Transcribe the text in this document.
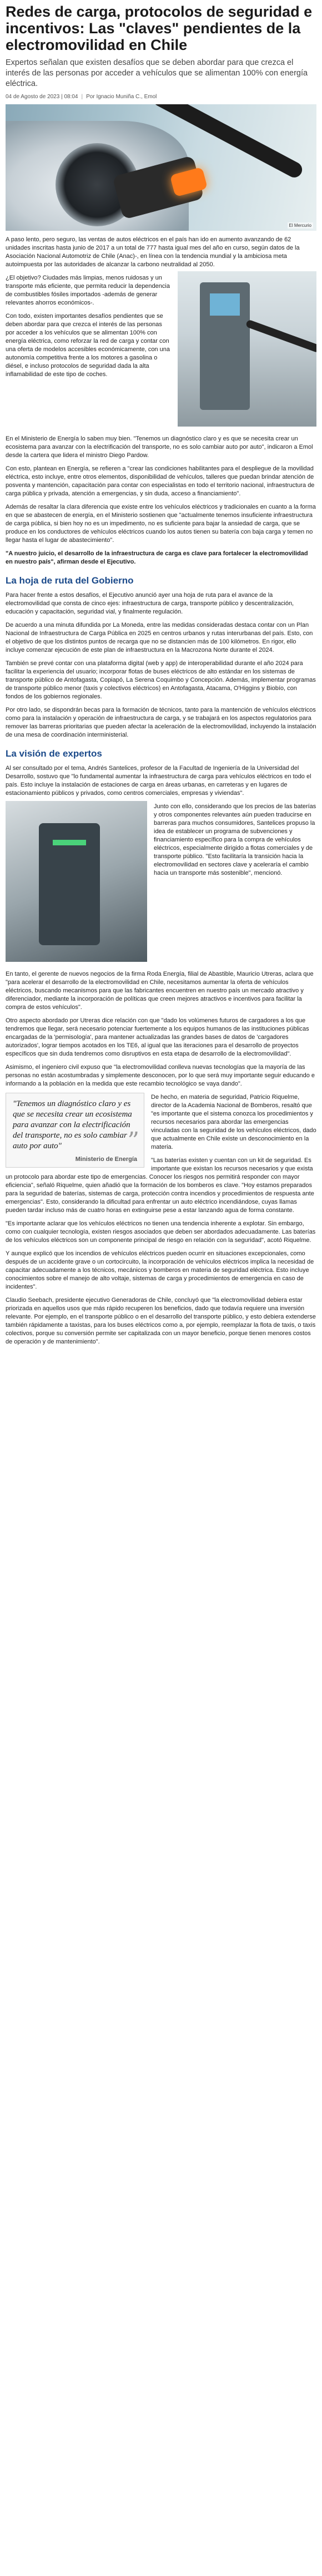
Redes de carga, protocolos de seguridad e incentivos: Las "claves" pendientes de la electromovilidad en Chile

Expertos señalan que existen desafíos que se deben abordar para que crezca el interés de las personas por acceder a vehículos que se alimentan 100% con energía eléctrica.

04 de Agosto de 2023 | 08:04 | Por Ignacio Muniña C., Emol
El Mercurio

A paso lento, pero seguro, las ventas de autos eléctricos en el país han ido en aumento avanzando de 62 unidades inscritas hasta junio de 2017 a un total de 777 hasta igual mes del año en curso, según datos de la Asociación Nacional Automotriz de Chile (Anac)-, en línea con la tendencia mundial y la ambiciosa meta autoimpuesta por las autoridades de alcanzar la carbono neutralidad al 2050.

¿El objetivo? Ciudades más limpias, menos ruidosas y un transporte más eficiente, que permita reducir la dependencia de combustibles fósiles importados -además de generar relevantes ahorros económicos-.

Con todo, existen importantes desafíos pendientes que se deben abordar para que crezca el interés de las personas por acceder a los vehículos que se alimentan 100% con energía eléctrica, como reforzar la red de carga y contar con una oferta de modelos accesibles económicamente, con una autonomía competitiva frente a los motores a gasolina o diésel, e incluso protocolos de seguridad dada la alta inflamabilidad de este tipo de coches.

En el Ministerio de Energía lo saben muy bien. "Tenemos un diagnóstico claro y es que se necesita crear un ecosistema para avanzar con la electrificación del transporte, no es solo cambiar auto por auto", indicaron a Emol desde la cartera que lidera el ministro Diego Pardow.

Con esto, plantean en Energía, se refieren a "crear las condiciones habilitantes para el despliegue de la movilidad eléctrica, esto incluye, entre otros elementos, disponibilidad de vehículos, talleres que puedan brindar atención de posventa y mantención, capacitación para contar con especialistas en todo el territorio nacional, infraestructura de carga pública y privada, atención a emergencias, y sin duda, acceso a financiamiento".

Además de resaltar la clara diferencia que existe entre los vehículos eléctricos y tradicionales en cuanto a la forma en que se abastecen de energía, en el Ministerio sostienen que "actualmente tenemos insuficiente infraestructura de carga pública, si bien hoy no es un impedimento, no es suficiente para bajar la ansiedad de carga, que se produce en los conductores de vehículos eléctricos cuando los autos tienen su batería con baja carga y temen no llegar hasta el lugar de abastecimiento".

"A nuestro juicio, el desarrollo de la infraestructura de carga es clave para fortalecer la electromovilidad en nuestro país", afirman desde el Ejecutivo.

La hoja de ruta del Gobierno

Para hacer frente a estos desafíos, el Ejecutivo anunció ayer una hoja de ruta para el avance de la electromovilidad que consta de cinco ejes: infraestructura de carga, transporte público y descentralización, educación y capacitación, seguridad vial, y finalmente regulación.

De acuerdo a una minuta difundida por La Moneda, entre las medidas consideradas destaca contar con un Plan Nacional de Infraestructura de Carga Pública en 2025 en centros urbanos y rutas interurbanas del país. Esto, con el objetivo de que los distintos puntos de recarga que no se distancien más de 100 kilómetros. En rigor, ello incluye comenzar ejecución de este plan de infraestructura en la Macrozona Norte durante el 2024.

También se prevé contar con una plataforma digital (web y app) de interoperabilidad durante el año 2024 para facilitar la experiencia del usuario; incorporar flotas de buses eléctricos de alto estándar en los sistemas de transporte público de Antofagasta, Copiapó, La Serena Coquimbo y Concepción. Además, implementar programas de transporte público menor (taxis y colectivos eléctricos) en Antofagasta, Atacama, O'Higgins y Biobío, con fondos de los gobiernos regionales.

Por otro lado, se dispondrán becas para la formación de técnicos, tanto para la mantención de vehículos eléctricos como para la instalación y operación de infraestructura de carga, y se trabajará en los aspectos regulatorios para remover las barreras prioritarias que pueden afectar la aceleración de la electromovilidad, incluyendo la instalación de una mesa de coordinación interministerial.

La visión de expertos

Al ser consultado por el tema, Andrés Santelices, profesor de la Facultad de Ingeniería de la Universidad del Desarrollo, sostuvo que "lo fundamental aumentar la infraestructura de carga para vehículos eléctricos en todo el país. Esto incluye la instalación de estaciones de carga en áreas urbanas, en carreteras y en lugares de estacionamiento públicos y privados, como centros comerciales, empresas y viviendas".

Junto con ello, considerando que los precios de las baterías y otros componentes relevantes aún pueden traducirse en barreras para muchos consumidores, Santelices propuso la idea de establecer un programa de subvenciones y financiamiento específico para la compra de vehículos eléctricos, especialmente dirigido a flotas comerciales y de transporte público. "Esto facilitaría la transición hacia la electromovilidad en sectores clave y aceleraría el cambio hacia un transporte más sostenible", mencionó.

En tanto, el gerente de nuevos negocios de la firma Roda Energía, filial de Abastible, Mauricio Utreras, aclara que "para acelerar el desarrollo de la electromovilidad en Chile, necesitamos aumentar la oferta de vehículos eléctricos, buscando mecanismos para que las fabricantes encuentren en nuestro país un mercado atractivo y diferenciador, mediante la incorporación de políticas que creen mejores atractivos e incentivos para facilitar la compra de estos vehículos".

Otro aspecto abordado por Utreras dice relación con que "dado los volúmenes futuros de cargadores a los que tendremos que llegar, será necesario potenciar fuertemente a los equipos humanos de las instituciones públicas encargadas de la 'permisología', para mantener actualizadas las grandes bases de datos de 'cargadores autorizados', lograr tiempos acotados en los TE6, al igual que las iteraciones para el desarrollo de proyectos específicos que sin duda tendremos como disruptivos en esta etapa de desarrollo de la electromovilidad".

Asimismo, el ingeniero civil expuso que "la electromovilidad conlleva nuevas tecnologías que la mayoría de las personas no están acostumbradas y simplemente desconocen, por lo que será muy importante seguir educando e informando a la población en la medida que este recambio tecnológico se vaya dando".

"Tenemos un diagnóstico claro y es que se necesita crear un ecosistema para avanzar con la electrificación del transporte, no es solo cambiar auto por auto"	”
Ministerio de Energía

De hecho, en materia de seguridad, Patricio Riquelme, director de la Academia Nacional de Bomberos, resaltó que "es importante que el sistema conozca los procedimientos y recursos necesarios para abordar las emergencias vinculadas con la seguridad de los vehículos eléctricos, dado que actualmente en Chile existe un desconocimiento en la materia.

"Las baterías existen y cuentan con un kit de seguridad. Es importante que existan los recursos necesarios y que exista un protocolo para abordar este tipo de emergencias. Conocer los riesgos nos permitirá responder con mayor eficiencia", señaló Riquelme, quien añadió que la formación de los bomberos es clave. "Hoy estamos preparados para la seguridad de baterías, sistemas de carga, protección contra incendios y procedimientos de respuesta ante emergencias". Esto, considerando la dificultad para enfrentar un auto eléctrico incendiándose, cuyas llamas pueden tardar incluso más de cuatro horas en extinguirse pese a estar lanzando agua de forma constante.

"Es importante aclarar que los vehículos eléctricos no tienen una tendencia inherente a explotar. Sin embargo, como con cualquier tecnología, existen riesgos asociados que deben ser abordados adecuadamente. Las baterías de los vehículos eléctricos son un componente principal de riesgo en relación con la seguridad", acotó Riquelme.

Y aunque explicó que los incendios de vehículos eléctricos pueden ocurrir en situaciones excepcionales, como después de un accidente grave o un cortocircuito, la incorporación de vehículos eléctricos implica la necesidad de capacitar adecuadamente a los técnicos, mecánicos y bomberos en materia de seguridad eléctrica. Esto incluye conocimientos sobre el manejo de alto voltaje, sistemas de carga y procedimientos de emergencia en caso de incidentes".

Claudio Seebach, presidente ejecutivo Generadoras de Chile, concluyó que "la electromovilidad debiera estar priorizada en aquellos usos que más rápido recuperen los beneficios, dado que todavía requiere una inversión relevante. Por ejemplo, en el transporte público o en el desarrollo del transporte público, y esto debiera extenderse también rápidamente a taxistas, para los buses eléctricos como a, por ejemplo, reemplazar la flota de taxis, o taxis colectivos, porque su conversión permite ser capitalizada con un mayor beneficio, porque tienen menores costos de operación y de mantenimiento".
